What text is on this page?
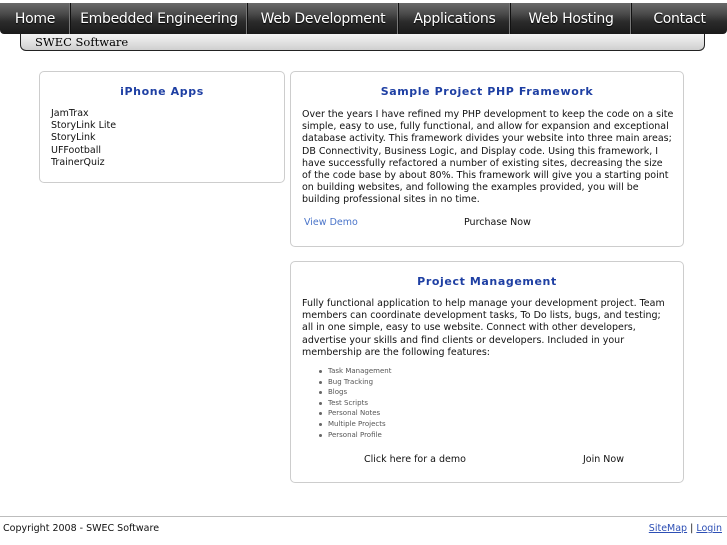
Home	Embedded Engineering	Web Development	Applications	Web Hosting	Contact
SWEC Software
iPhone Apps
JamTrax
StoryLink Lite
StoryLink
UFFootball
TrainerQuiz
Sample Project PHP Framework

Over the years I have refined my PHP development to keep the code on a site simple, easy to use, fully functional, and allow for expansion and exceptional database activity. This framework divides your website into three main areas; DB Connectivity, Business Logic, and Display code. Using this framework, I have successfully refactored a number of existing sites, decreasing the size of the code base by about 80%. This framework will give you a starting point on building websites, and following the examples provided, you will be building professional sites in no time.

View Demo	Purchase Now
Project Management

Fully functional application to help manage your development project. Team members can coordinate development tasks, To Do lists, bugs, and testing; all in one simple, easy to use website. Connect with other developers, advertise your skills and find clients or developers. Included in your membership are the following features:

Task Management
Bug Tracking
Blogs
Test Scripts
Personal Notes
Multiple Projects
Personal Profile
Click here for a demo	Join Now
Copyright 2008 - SWEC Software	SiteMap | Login
